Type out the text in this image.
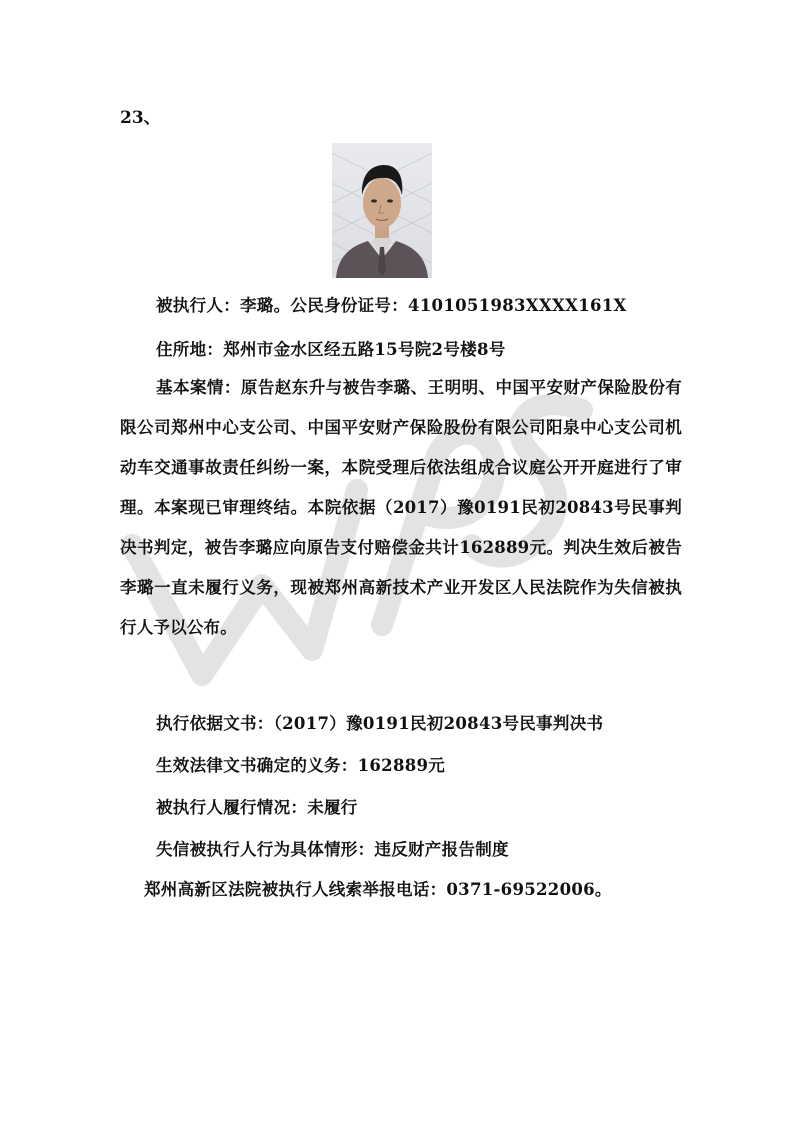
23、
被执行人：李璐。公民身份证号：4101051983XXXX161X
住所地：郑州市金水区经五路15号院2号楼8号
基本案情：原告赵东升与被告李璐、王明明、中国平安财产保险股份有限公司郑州中心支公司、中国平安财产保险股份有限公司阳泉中心支公司机动车交通事故责任纠纷一案，本院受理后依法组成合议庭公开开庭进行了审理。本案现已审理终结。本院依据（2017）豫0191民初20843号民事判决书判定，被告李璐应向原告支付赔偿金共计162889元。判决生效后被告李璐一直未履行义务，现被郑州高新技术产业开发区人民法院作为失信被执行人予以公布。
执行依据文书：（2017）豫0191民初20843号民事判决书
生效法律文书确定的义务：162889元
被执行人履行情况：未履行
失信被执行人行为具体情形：违反财产报告制度
郑州高新区法院被执行人线索举报电话：0371-69522006。
